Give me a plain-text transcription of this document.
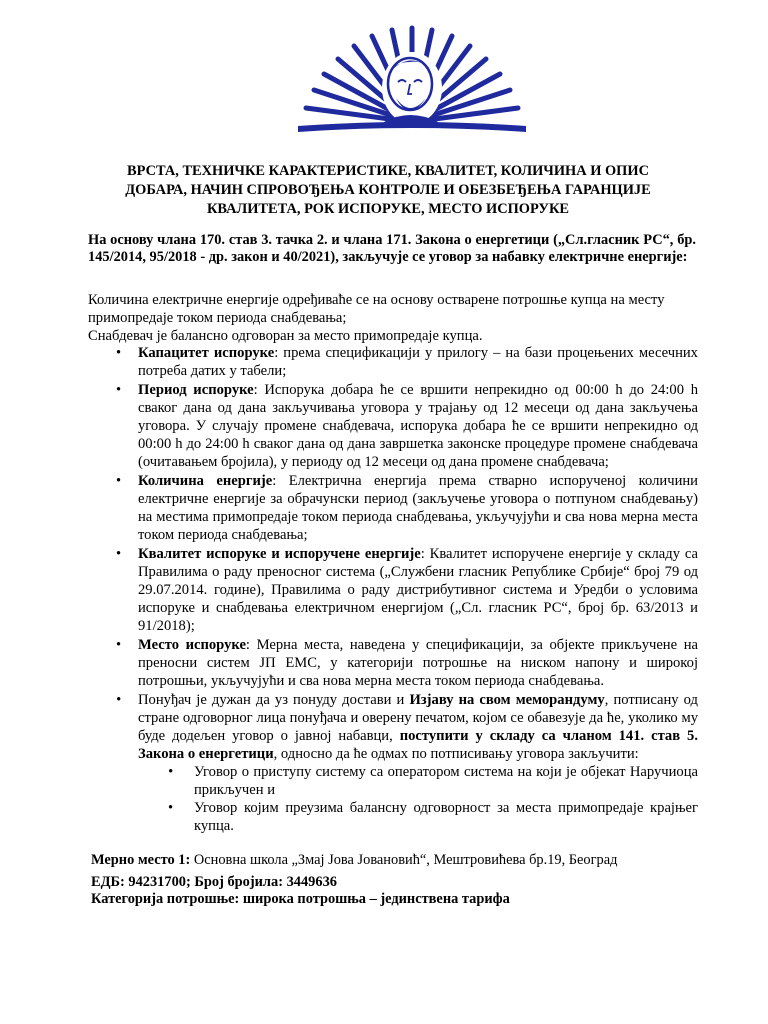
ВРСТА, ТЕХНИЧКЕ КАРАКТЕРИСТИКЕ, КВАЛИТЕТ, КОЛИЧИНА И ОПИС
ДОБАРА, НАЧИН СПРОВОЂЕЊА КОНТРОЛЕ И ОБЕЗБЕЂЕЊА ГАРАНЦИЈЕ
КВАЛИТЕТА, РОК ИСПОРУКЕ, МЕСТО ИСПОРУКЕ
На основу члана 170. став 3. тачка 2. и члана 171. Закона о енергетици („Сл.гласник РС“, бр. 145/2014, 95/2018 - др. закон и 40/2021), закључује се уговор за набавку електричне енергије:
Количина електричне енергије одређиваће се на основу остварене потрошње купца на месту примопредаје током периода снабдевања;
Снабдевач је балансно одговоран за место примопредаје купца.
•	Капацитет испоруке: према спецификацији у прилогу – на бази процењених месечних потреба датих у табели;
•	Период испоруке: Испорука добара ће се вршити непрекидно од 00:00 h до 24:00 h сваког дана од дана закључивања уговора у трајању од 12 месеци од дана закључења уговора. У случају промене снабдевача, испорука добара ће се вршити непрекидно од 00:00 h до 24:00 h сваког дана од дана завршетка законске процедуре промене снабдевача (очитавањем бројила), у периоду од 12 месеци од дана промене снабдевача;
•	Количина енергије: Електрична енергија према стварно испорученој количини електричне енергије за обрачунски период (закључење уговора о потпуном снабдевању) на местима примопредаје током периода снабдевања, укључујући и сва нова мерна места током периода снабдевања;
•	Квалитет испоруке и испоручене енергије: Квалитет испоручене енергије у складу са Правилима о раду преносног система („Службени гласник Републике Србије“ број 79 од 29.07.2014. године), Правилима о раду дистрибутивног система и Уредби о условима испоруке и снабдевања електричном енергијом („Сл. гласник РС“, број бр. 63/2013 и 91/2018);
•	Место испоруке: Мерна места, наведена у спецификацији, за објекте прикључене на преносни систем ЈП ЕМС, у категорији потрошње на ниском напону и широкој потрошњи, укључујући и сва нова мерна места током периода снабдевања.
•	Понуђач је дужан да уз понуду достави и Изјаву на свом меморандуму, потписану од стране одговорног лица понуђача и оверену печатом, којом се обавезује да ће, уколико му буде додељен уговор о јавној набавци, поступити у складу са чланом 141. став 5. Закона о енергетици, односно да ће одмах по потписивању уговора закључити:
•	Уговор о приступу систему са оператором система на који је објекат Наручиоца прикључен и
•	Уговор којим преузима балансну одговорност за места примопредаје крајњег купца.
Мерно место 1: Основна школа „Змај Јова Јовановић“, Мештровићева бр.19, Београд
ЕДБ: 94231700; Број бројила: 3449636
Категорија потрошње: широка потрошња – јединствена тарифа
